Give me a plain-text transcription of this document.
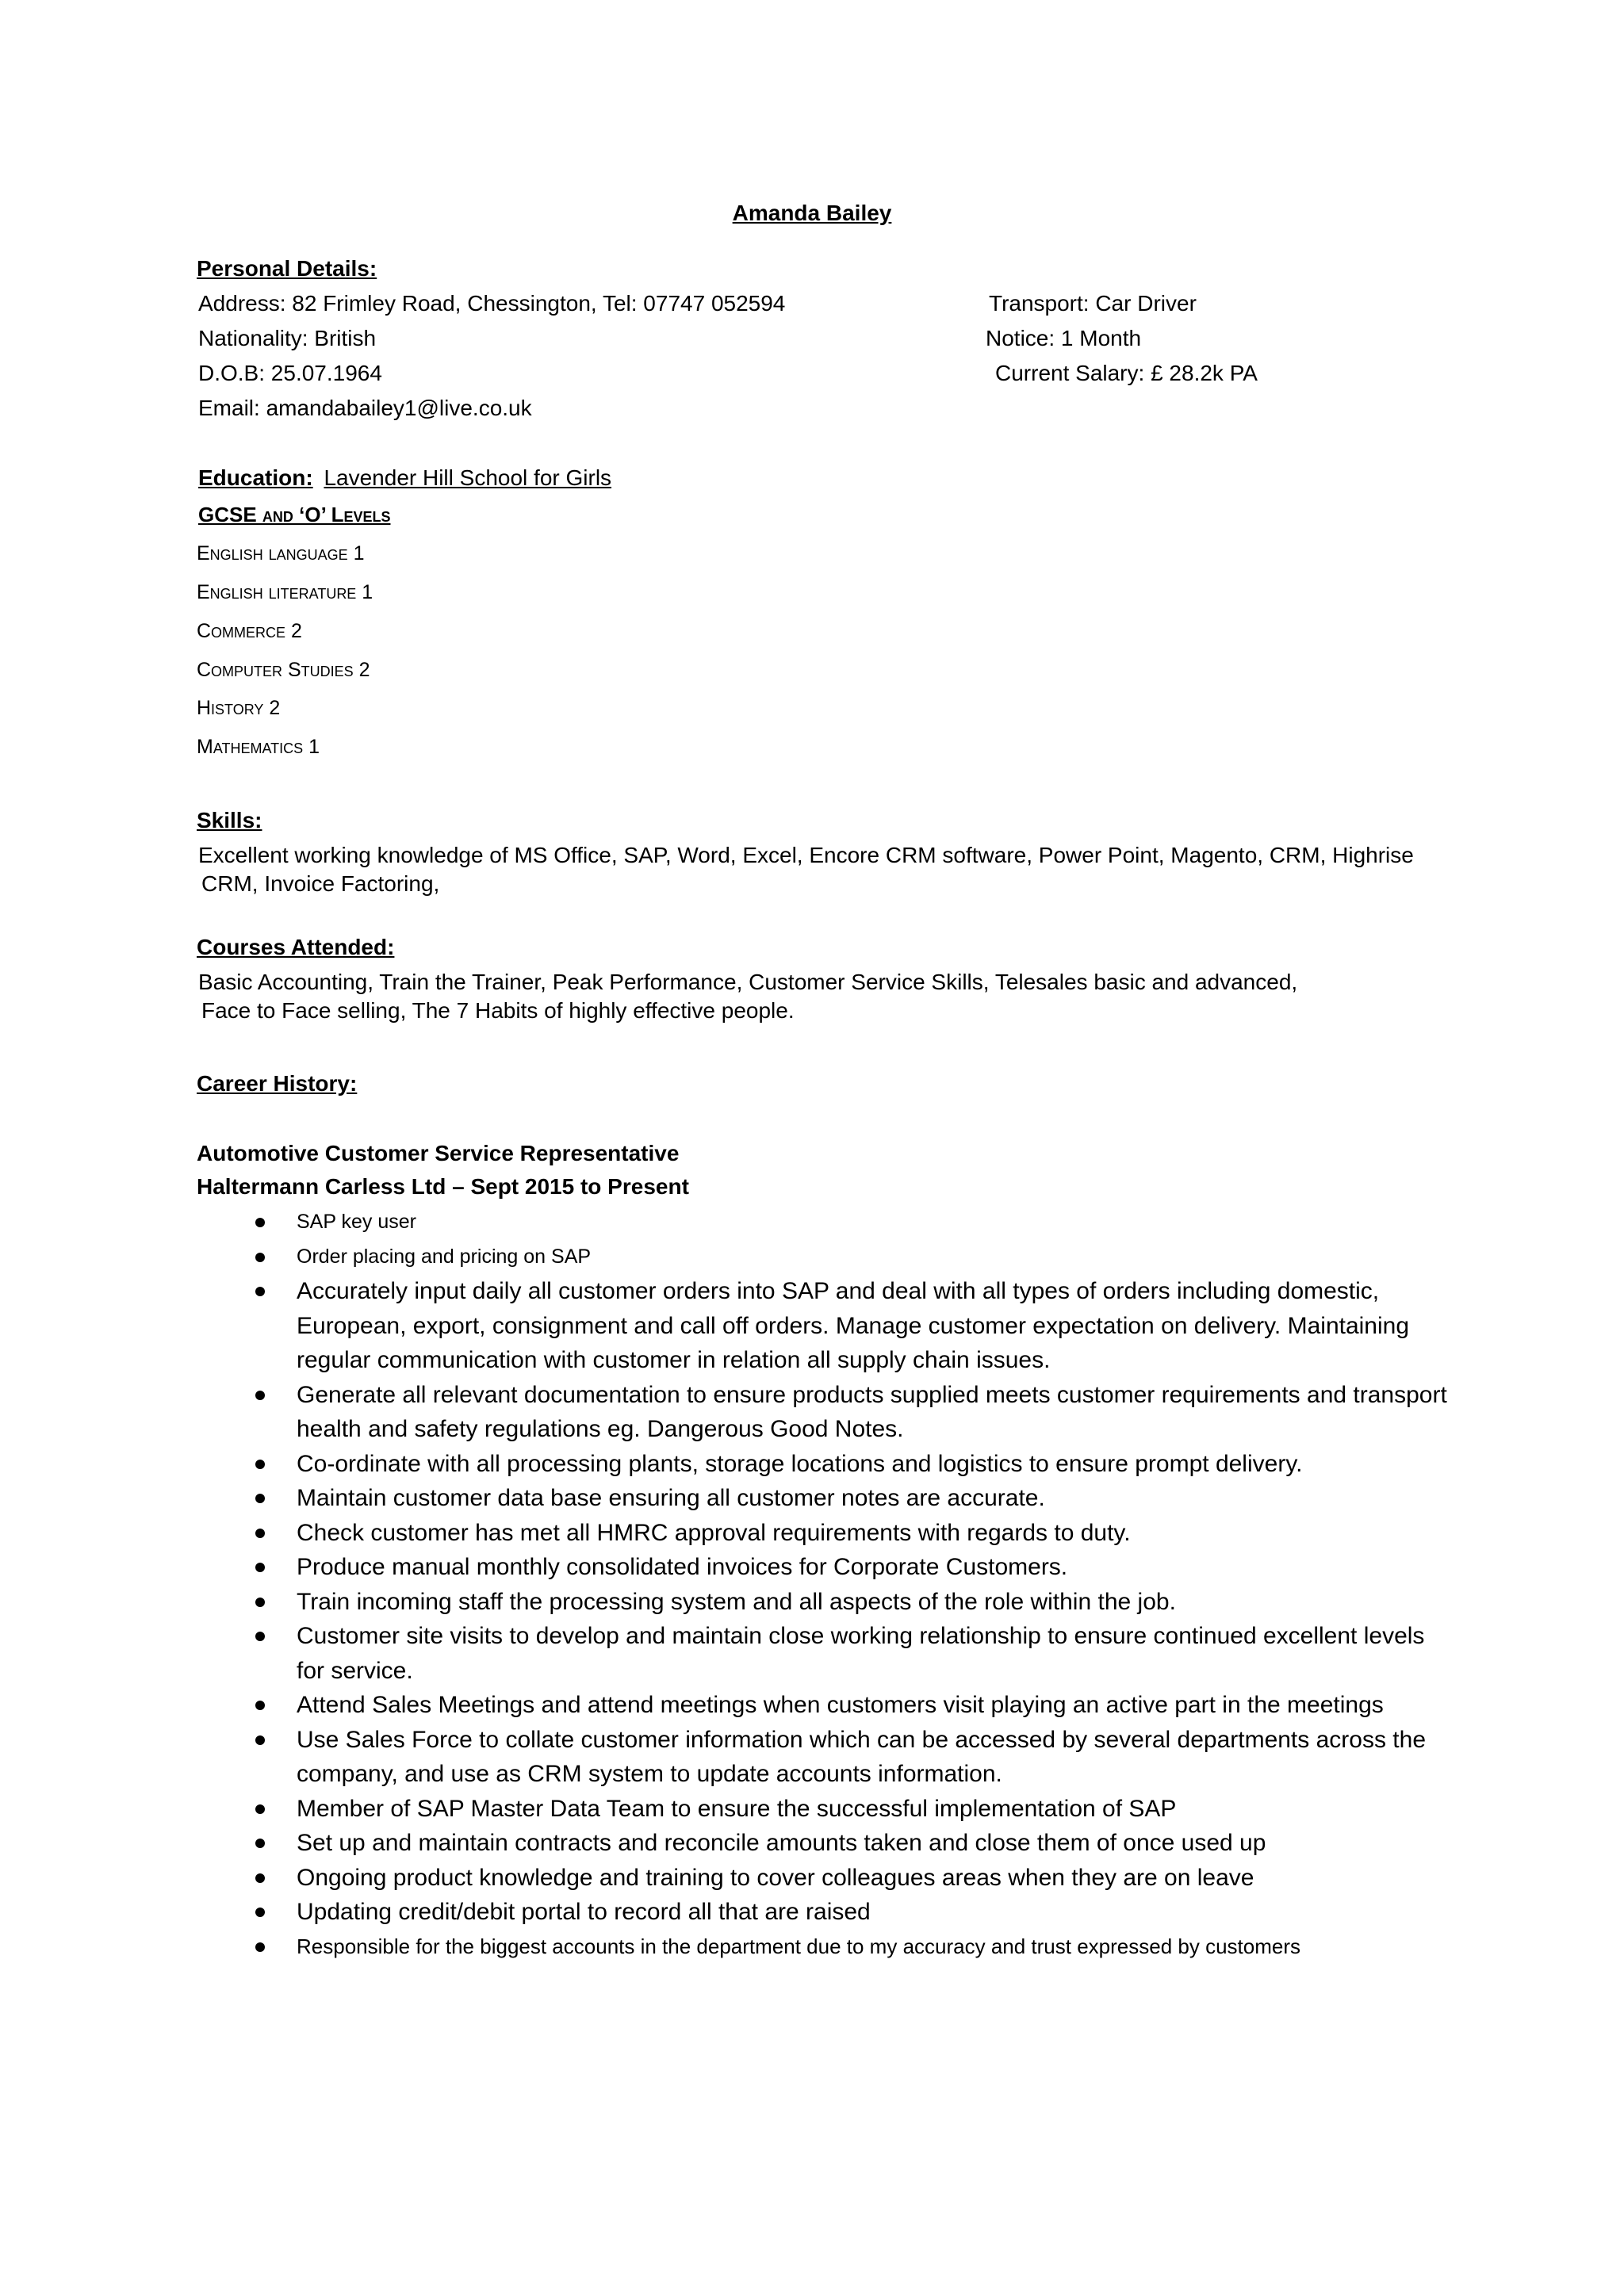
Amanda Bailey
Personal Details:
Address: 82 Frimley Road, Chessington, Tel: 07747 052594	Transport: Car Driver
Nationality: British	Notice: 1 Month
D.O.B: 25.07.1964	Current Salary: £ 28.2k PA
Email: amandabailey1@live.co.uk
Education: Lavender Hill School for Girls
GCSE and ‘O’ Levels
English language 1
English literature 1
Commerce 2
Computer Studies 2
History 2
Mathematics 1
Skills:
Excellent working knowledge of MS Office, SAP, Word, Excel, Encore CRM software, Power Point, Magento, CRM, Highrise
CRM, Invoice Factoring,
Courses Attended:
Basic Accounting, Train the Trainer, Peak Performance, Customer Service Skills, Telesales basic and advanced,
Face to Face selling, The 7 Habits of highly effective people.
Career History:
Automotive Customer Service Representative
Haltermann Carless Ltd – Sept 2015 to Present
SAP key user
Order placing and pricing on SAP
Accurately input daily all customer orders into SAP and deal with all types of orders including domestic, European, export, consignment and call off orders. Manage customer expectation on delivery. Maintaining regular communication with customer in relation all supply chain issues.
Generate all relevant documentation to ensure products supplied meets customer requirements and transport health and safety regulations eg. Dangerous Good Notes.
Co-ordinate with all processing plants, storage locations and logistics to ensure prompt delivery.
Maintain customer data base ensuring all customer notes are accurate.
Check customer has met all HMRC approval requirements with regards to duty.
Produce manual monthly consolidated invoices for Corporate Customers.
Train incoming staff the processing system and all aspects of the role within the job.
Customer site visits to develop and maintain close working relationship to ensure continued excellent levels for service.
Attend Sales Meetings and attend meetings when customers visit playing an active part in the meetings
Use Sales Force to collate customer information which can be accessed by several departments across the company, and use as CRM system to update accounts information.
Member of SAP Master Data Team to ensure the successful implementation of SAP
Set up and maintain contracts and reconcile amounts taken and close them of once used up
Ongoing product knowledge and training to cover colleagues areas when they are on leave
Updating credit/debit portal to record all that are raised
Responsible for the biggest accounts in the department due to my accuracy and trust expressed by customers
